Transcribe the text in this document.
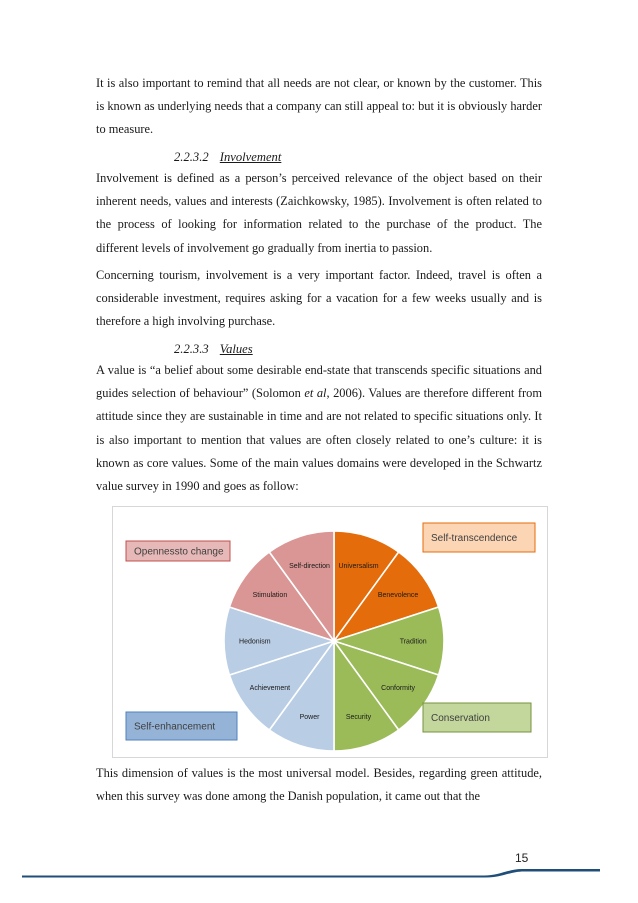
It is also important to remind that all needs are not clear, or known by the customer. This is known as underlying needs that a company can still appeal to: but it is obviously harder to measure.

2.2.3.2 Involvement

Involvement is defined as a person’s perceived relevance of the object based on their inherent needs, values and interests (Zaichkowsky, 1985). Involvement is often related to the process of looking for information related to the purchase of the product. The different levels of involvement go gradually from inertia to passion.

Concerning tourism, involvement is a very important factor. Indeed, travel is often a considerable investment, requires asking for a vacation for a few weeks usually and is therefore a high involving purchase.

2.2.3.3 Values

A value is “a belief about some desirable end-state that transcends specific situations and guides selection of behaviour” (Solomon et al, 2006). Values are therefore different from attitude since they are sustainable in time and are not related to specific situations only. It is also important to mention that values are often closely related to one’s culture: it is known as core values. Some of the main values domains were developed in the Schwartz value survey in 1990 and goes as follow:

Universalism
Benevolence
Tradition
Conformity
Security
Power
Achievement
Hedonism
Stimulation
Self-direction
Opennessto change
Self-transcendence
Self-enhancement
Conservation

This dimension of values is the most universal model. Besides, regarding green attitude, when this survey was done among the Danish population, it came out that the

15
